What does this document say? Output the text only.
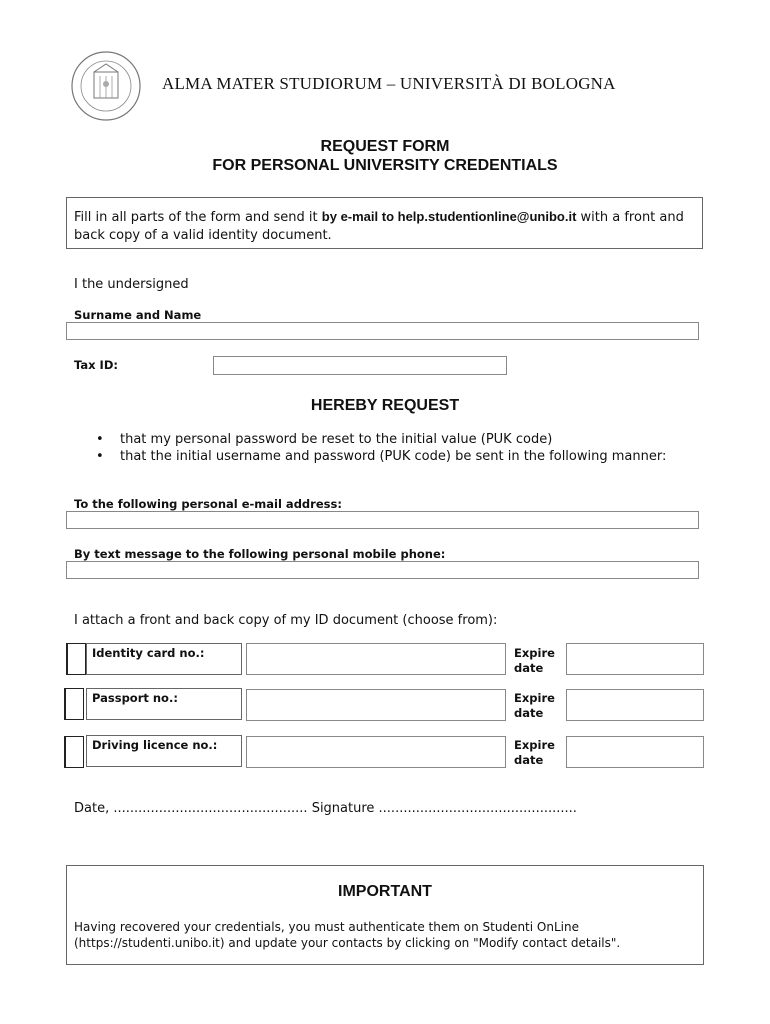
ALMA MATER STUDIORUM – UNIVERSITÀ DI BOLOGNA
REQUEST FORM
FOR PERSONAL UNIVERSITY CREDENTIALS
Fill in all parts of the form and send it by e-mail to help.studentionline@unibo.it with a front and back copy of a valid identity document.
I the undersigned
Surname and Name
Tax ID:
HEREBY REQUEST
• that my personal password be reset to the initial value (PUK code)
• that the initial username and password (PUK code) be sent in the following manner:
To the following personal e-mail address:
By text message to the following personal mobile phone:
I attach a front and back copy of my ID document (choose from):
Identity card no.:	Expire date
Passport no.:	Expire date
Driving licence no.:	Expire date
Date, ............................................... Signature ................................................
IMPORTANT
Having recovered your credentials, you must authenticate them on Studenti OnLine (https://studenti.unibo.it) and update your contacts by clicking on "Modify contact details".
